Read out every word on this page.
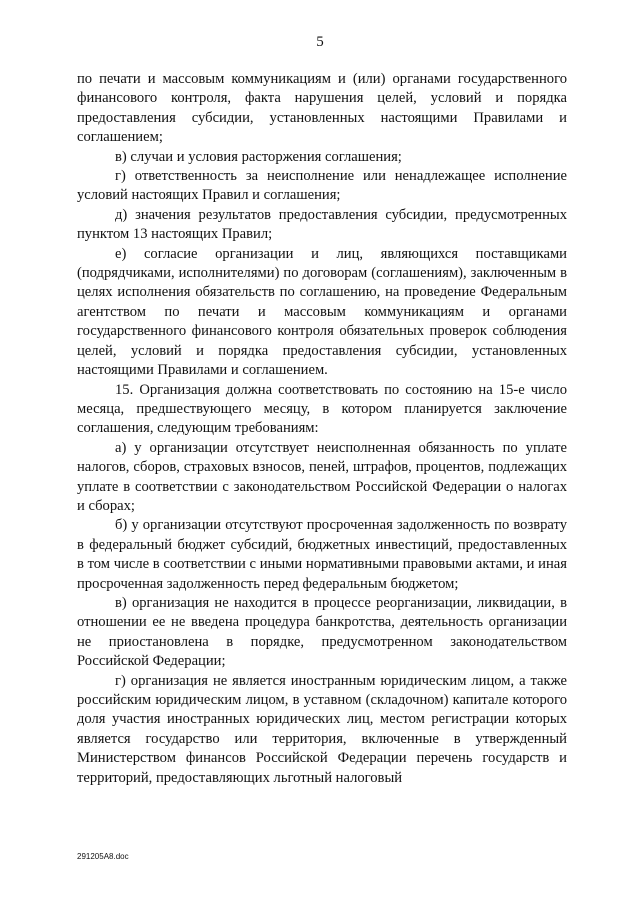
5

по печати и массовым коммуникациям и (или) органами государственного финансового контроля, факта нарушения целей, условий и порядка предоставления субсидии, установленных настоящими Правилами и соглашением;

в) случаи и условия расторжения соглашения;

г) ответственность за неисполнение или ненадлежащее исполнение условий настоящих Правил и соглашения;

д) значения результатов предоставления субсидии, предусмотренных пунктом 13 настоящих Правил;

е) согласие организации и лиц, являющихся поставщиками (подрядчиками, исполнителями) по договорам (соглашениям), заключенным в целях исполнения обязательств по соглашению, на проведение Федеральным агентством по печати и массовым коммуникациям и органами государственного финансового контроля обязательных проверок соблюдения целей, условий и порядка предоставления субсидии, установленных настоящими Правилами и соглашением.

15. Организация должна соответствовать по состоянию на 15-е число месяца, предшествующего месяцу, в котором планируется заключение соглашения, следующим требованиям:

а) у организации отсутствует неисполненная обязанность по уплате налогов, сборов, страховых взносов, пеней, штрафов, процентов, подлежащих уплате в соответствии с законодательством Российской Федерации о налогах и сборах;

б) у организации отсутствуют просроченная задолженность по возврату в федеральный бюджет субсидий, бюджетных инвестиций, предоставленных в том числе в соответствии с иными нормативными правовыми актами, и иная просроченная задолженность перед федеральным бюджетом;

в) организация не находится в процессе реорганизации, ликвидации, в отношении ее не введена процедура банкротства, деятельность организации не приостановлена в порядке, предусмотренном законодательством Российской Федерации;

г) организация не является иностранным юридическим лицом, а также российским юридическим лицом, в уставном (складочном) капитале которого доля участия иностранных юридических лиц, местом регистрации которых является государство или территория, включенные в утвержденный Министерством финансов Российской Федерации перечень государств и территорий, предоставляющих льготный налоговый

291205A8.doc
